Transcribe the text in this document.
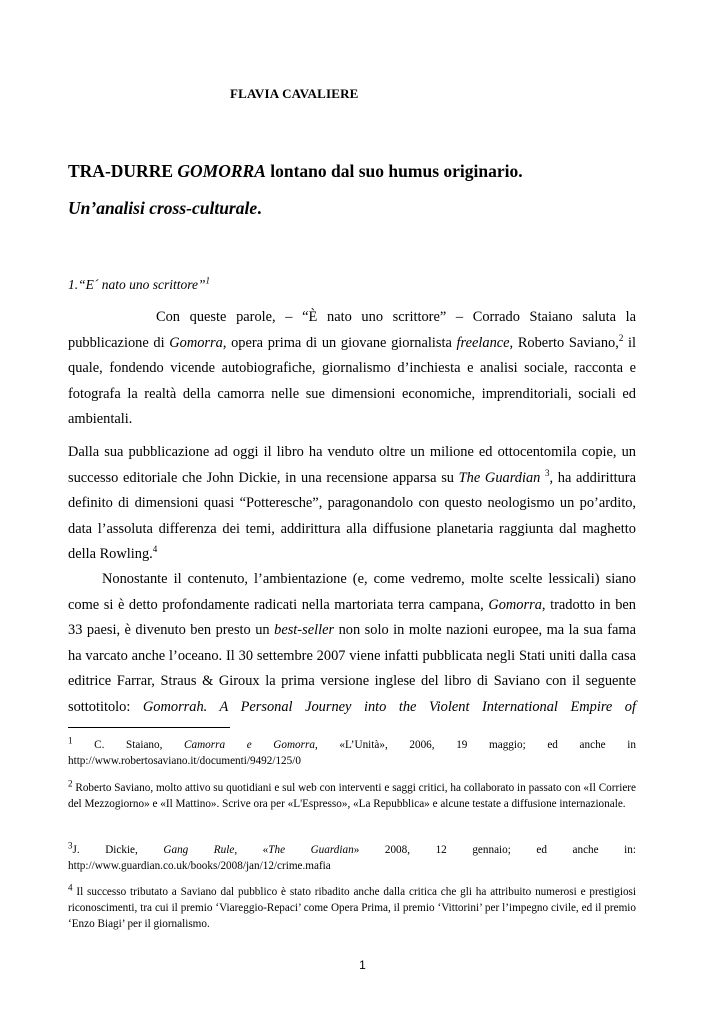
FLAVIA CAVALIERE
TRA-DURRE GOMORRA lontano dal suo humus originario.
Un’analisi cross-culturale.
1.“E´ nato uno scrittore”$^1$
Con queste parole, – “È nato uno scrittore” – Corrado Staiano saluta la pubblicazione di Gomorra, opera prima di un giovane giornalista freelance, Roberto Saviano,$^2$ il quale, fondendo vicende autobiografiche, giornalismo d’inchiesta e analisi sociale, racconta e fotografa la realtà della camorra nelle sue dimensioni economiche, imprenditoriali, sociali ed ambientali.
Dalla sua pubblicazione ad oggi il libro ha venduto oltre un milione ed ottocentomila copie, un successo editoriale che John Dickie, in una recensione apparsa su The Guardian $^3$, ha addirittura definito di dimensioni quasi “Potteresche”, paragonandolo con questo neologismo un po’ardito, data l’assoluta differenza dei temi, addirittura alla diffusione planetaria raggiunta dal maghetto della Rowling.$^4$
Nonostante il contenuto, l’ambientazione (e, come vedremo, molte scelte lessicali) siano come si è detto profondamente radicati nella martoriata terra campana, Gomorra, tradotto in ben 33 paesi, è divenuto ben presto un best-seller non solo in molte nazioni europee, ma la sua fama ha varcato anche l’oceano. Il 30 settembre 2007 viene infatti pubblicata negli Stati uniti dalla casa editrice Farrar, Straus & Giroux la prima versione inglese del libro di Saviano con il seguente sottotitolo: Gomorrah. A Personal Journey into the Violent International Empire of
$^1$ C. Staiano, Camorra e Gomorra, «L’Unità», 2006, 19 maggio; ed anche in http://www.robertosaviano.it/documenti/9492/125/0
$^2$ Roberto Saviano, molto attivo su quotidiani e sul web con interventi e saggi critici, ha collaborato in passato con «Il Corriere del Mezzogiorno» e «Il Mattino». Scrive ora per «L'Espresso», «La Repubblica» e alcune testate a diffusione internazionale.
$^3$J. Dickie, Gang Rule, «The Guardian» 2008, 12 gennaio; ed anche in:
http://www.guardian.co.uk/books/2008/jan/12/crime.mafia
$^4$ Il successo tributato a Saviano dal pubblico è stato ribadito anche dalla critica che gli ha attribuito numerosi e prestigiosi riconoscimenti, tra cui il premio ‘Viareggio-Repaci’ come Opera Prima, il premio ‘Vittorini’ per l’impegno civile, ed il premio ‘Enzo Biagi’ per il giornalismo.
1
